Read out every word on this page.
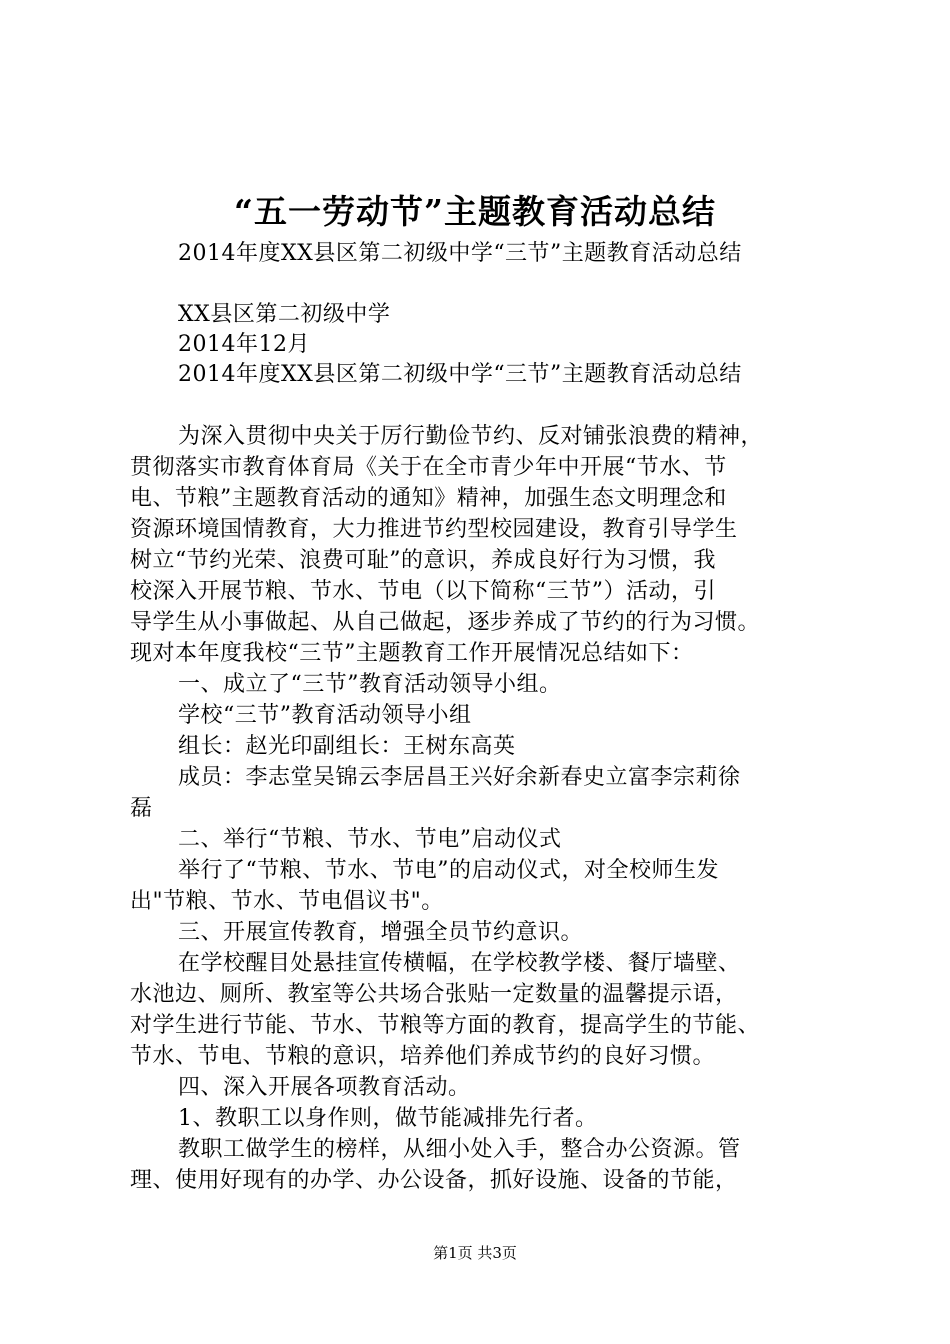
“五一劳动节”主题教育活动总结
2014年度XX县区第二初级中学“三节”主题教育活动总结
XX县区第二初级中学
2014年12月
2014年度XX县区第二初级中学“三节”主题教育活动总结
为深入贯彻中央关于厉行勤俭节约、反对铺张浪费的精神，
贯彻落实市教育体育局《关于在全市青少年中开展“节水、节
电、节粮”主题教育活动的通知》精神，加强生态文明理念和
资源环境国情教育，大力推进节约型校园建设，教育引导学生
树立“节约光荣、浪费可耻”的意识，养成良好行为习惯，我
校深入开展节粮、节水、节电（以下简称“三节”）活动，引
导学生从小事做起、从自己做起，逐步养成了节约的行为习惯。
现对本年度我校“三节”主题教育工作开展情况总结如下：
一、成立了“三节”教育活动领导小组。
学校“三节”教育活动领导小组
组长：赵光印副组长：王树东高英
成员：李志堂吴锦云李居昌王兴好余新春史立富李宗莉徐
磊
二、举行“节粮、节水、节电”启动仪式
举行了“节粮、节水、节电”的启动仪式，对全校师生发
出"节粮、节水、节电倡议书"。
三、开展宣传教育，增强全员节约意识。
在学校醒目处悬挂宣传横幅，在学校教学楼、餐厅墙壁、
水池边、厕所、教室等公共场合张贴一定数量的温馨提示语，
对学生进行节能、节水、节粮等方面的教育，提高学生的节能、
节水、节电、节粮的意识，培养他们养成节约的良好习惯。
四、深入开展各项教育活动。
1、教职工以身作则，做节能减排先行者。
教职工做学生的榜样，从细小处入手，整合办公资源。管
理、使用好现有的办学、办公设备，抓好设施、设备的节能，
第1页 共3页
